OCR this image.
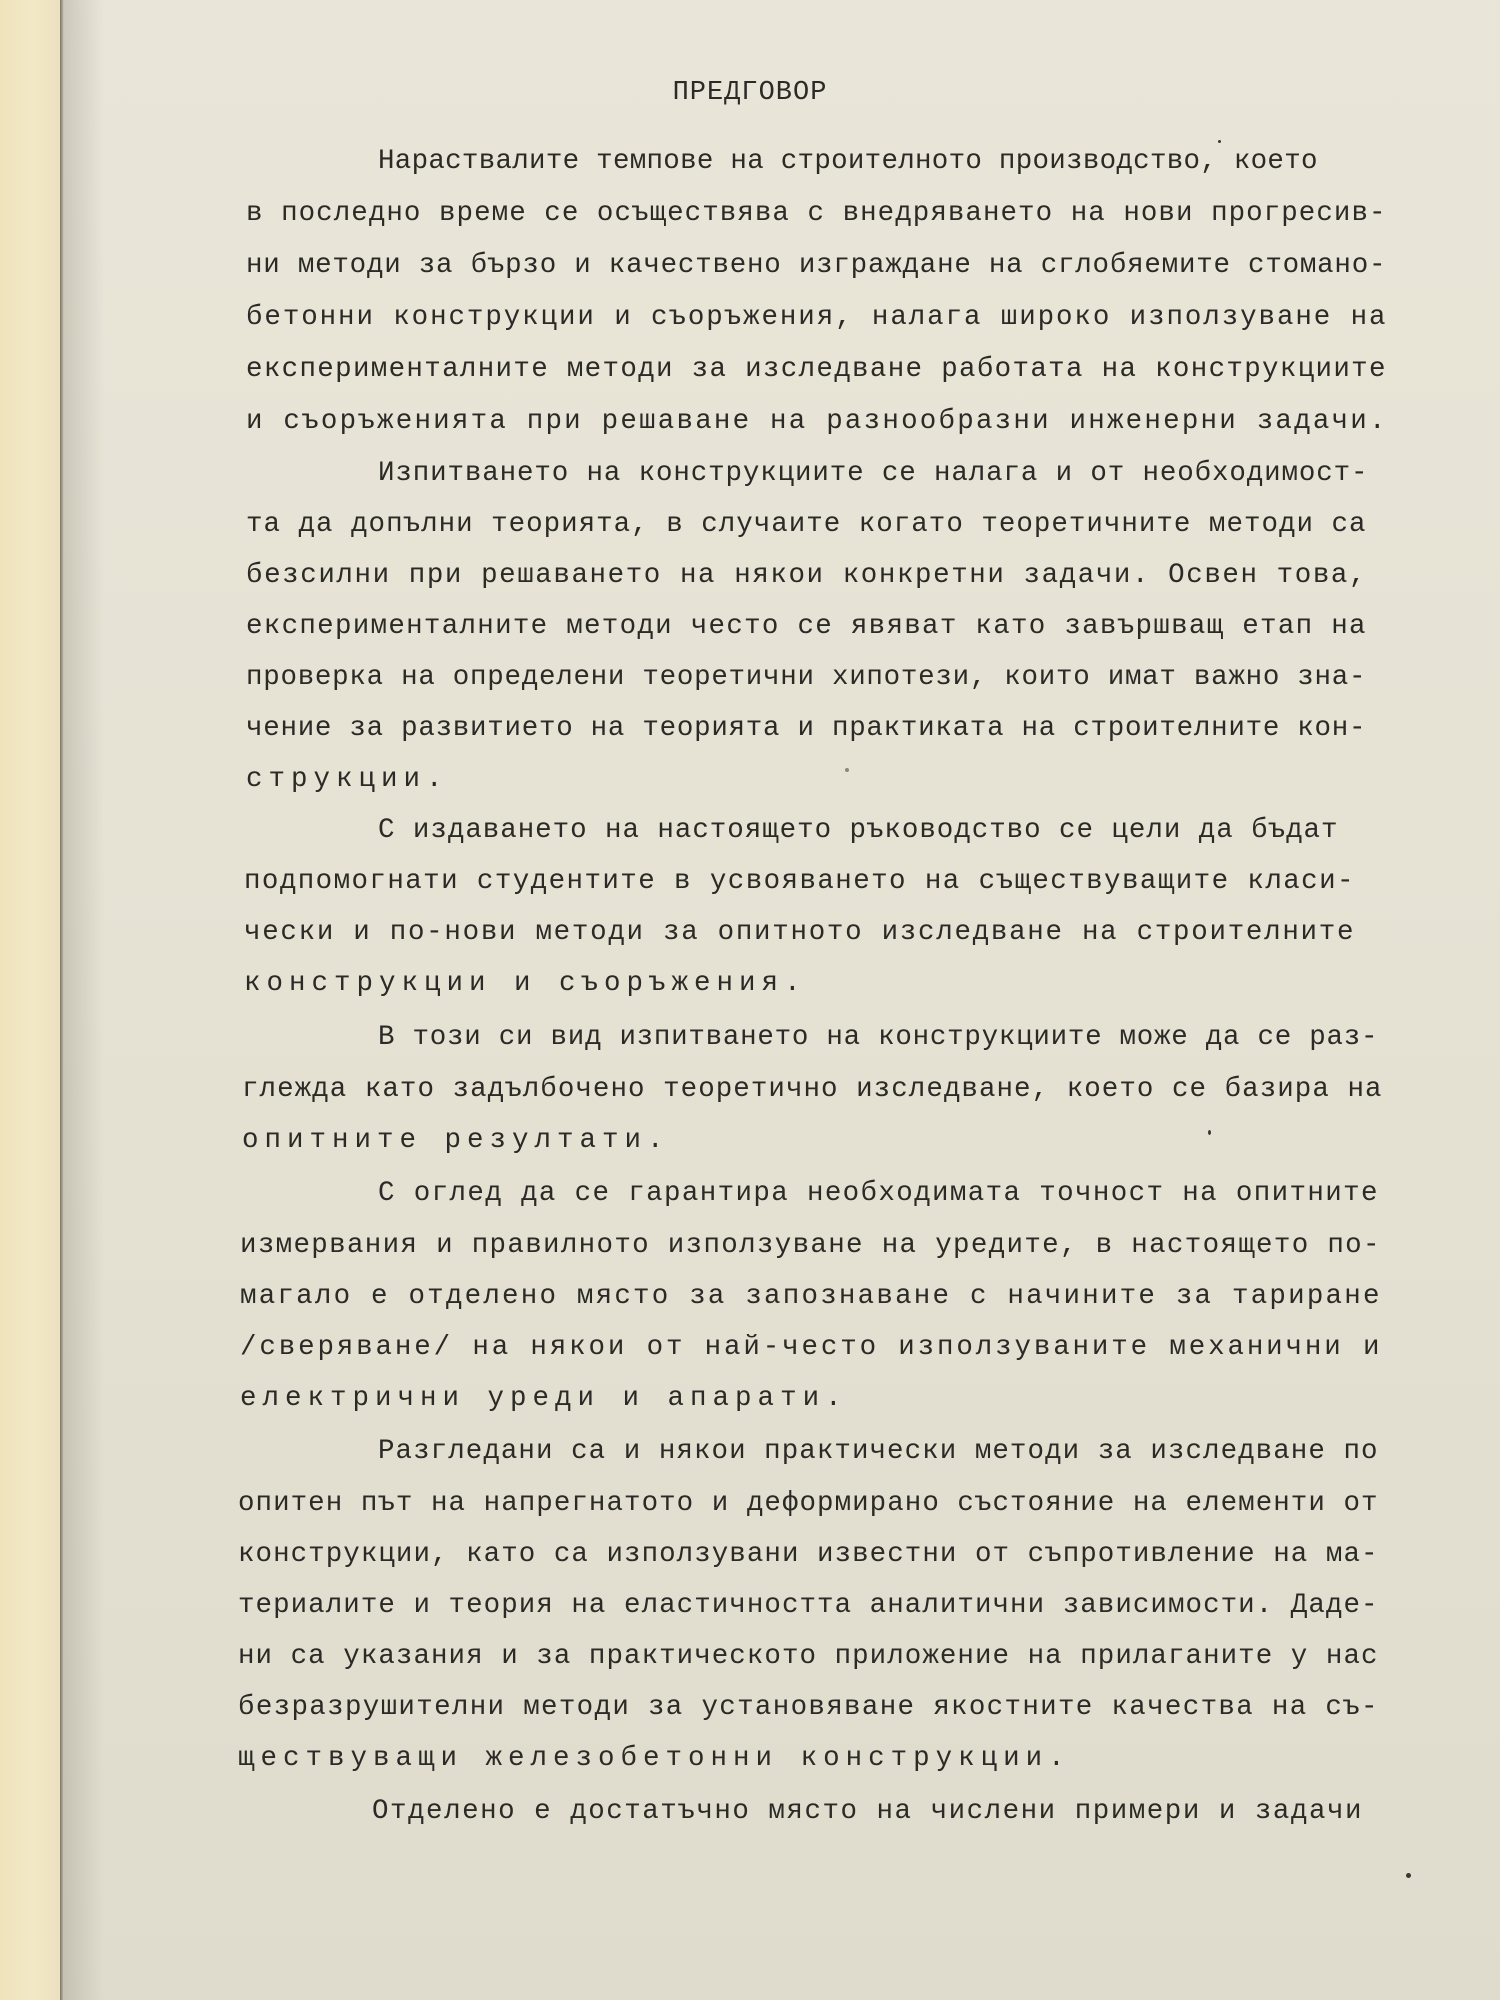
ПРЕДГОВОР
Нараствалите темпове на строителното производство, което
в последно време се осъществява с внедряването на нови прогресив-
ни методи за бързо и качествено изграждане на сглобяемите стомано-
бетонни конструкции и съоръжения, налага широко използуване на
експерименталните методи за изследване работата на конструкциите
и съоръженията при решаване на разнообразни инженерни задачи.
Изпитването на конструкциите се налага и от необходимост-
та да допълни теорията, в случаите когато теоретичните методи са
безсилни при решаването на някои конкретни задачи. Освен това,
експерименталните методи често се явяват като завършващ етап на
проверка на определени теоретични хипотези, които имат важно зна-
чение за развитието на теорията и практиката на строителните кон-
струкции.
С издаването на настоящето ръководство се цели да бъдат
подпомогнати студентите в усвояването на съществуващите класи-
чески и по-нови методи за опитното изследване на строителните
конструкции и съоръжения.
В този си вид изпитването на конструкциите може да се раз-
глежда като задълбочено теоретично изследване, което се базира на
опитните резултати.
С оглед да се гарантира необходимата точност на опитните
измервания и правилното използуване на уредите, в настоящето по-
магало е отделено място за запознаване с начините за тариране
/сверяване/ на някои от най-често използуваните механични и
електрични уреди и апарати.
Разгледани са и някои практически методи за изследване по
опитен път на напрегнатото и деформирано състояние на елементи от
конструкции, като са използувани известни от съпротивление на ма-
териалите и теория на еластичността аналитични зависимости. Даде-
ни са указания и за практическото приложение на прилаганите у нас
безразрушителни методи за установяване якостните качества на съ-
ществуващи железобетонни конструкции.
Отделено е достатъчно място на числени примери и задачи
